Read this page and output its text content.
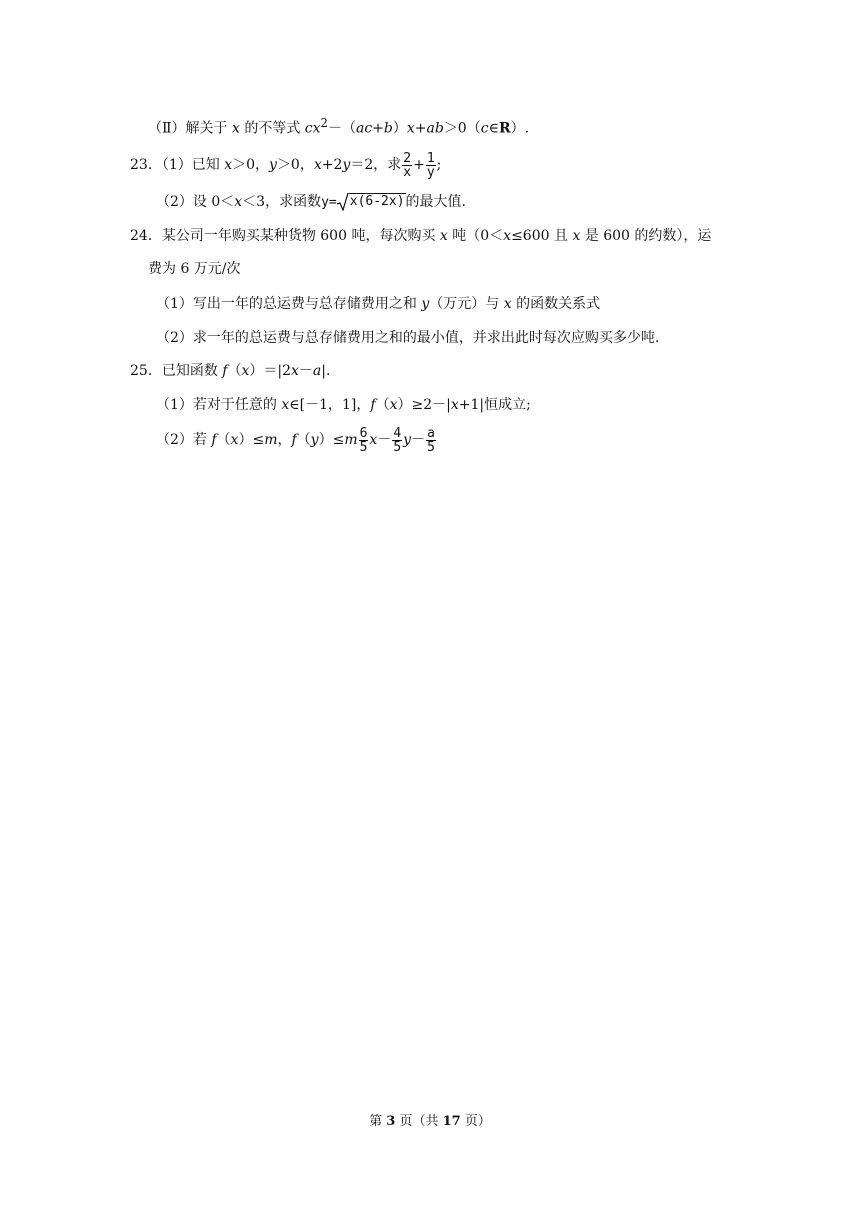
（Ⅱ）解关于 x 的不等式 $cx^2-(ac+b)x+ab>0(c\in R)$.
23．（1）已知 x＞0，y＞0，x+2y＝2，求 $\frac{2}{x} + \frac{1}{y}$ ;
（2）设 0＜x＜3，求函数y= x(6-2x) 的最大值.
24．某公司一年购买某种货物 600 吨，每次购买 x 吨（0＜x≤600 且 x 是 600 的约数），运
费为 6 万元/次
（1）写出一年的总运费与总存储费用之和 y（万元）与 x 的函数关系式
（2）求一年的总运费与总存储费用之和的最小值，并求出此时每次应购买多少吨.
25．已知函数 f（x）＝|2x－a|.
（1）若对于任意的 x∈[－1，1]，f（x）≥2－|x+1|恒成立;
（2）若 f（x）≤m，$f(y)\le m \frac{6}{5} x- \frac{4}{5} y- \frac{a}{5}$
第 3 页（共 17 页）
